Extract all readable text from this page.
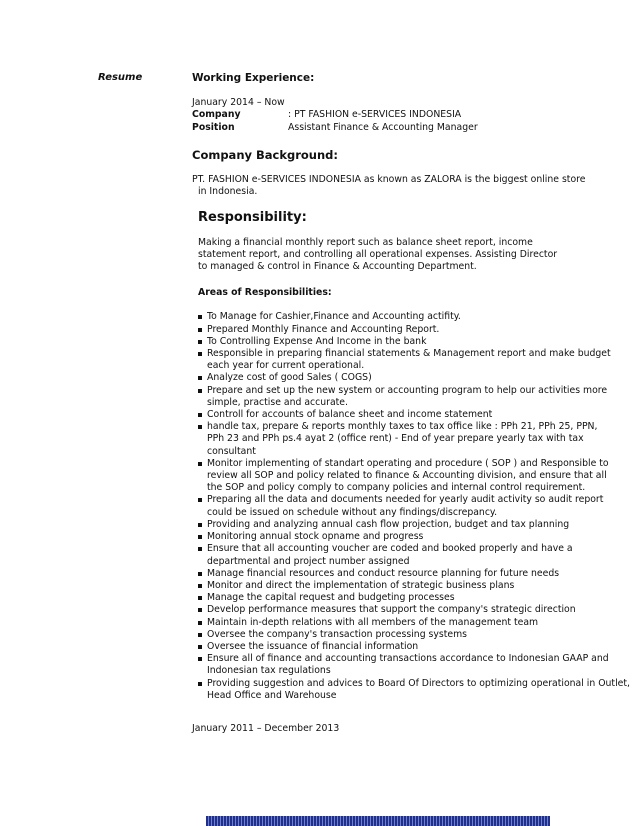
Resume	Working Experience:
January 2014 – Now
Company	: PT FASHION e-SERVICES INDONESIA
Position	Assistant Finance & Accounting Manager
Company Background:

PT. FASHION e-SERVICES INDONESIA as known as ZALORA is the biggest online store
in Indonesia.

Responsibility:
Making a financial monthly report such as balance sheet report, income
statement report, and controlling all operational expenses. Assisting Director
to managed & control in Finance & Accounting Department.
Areas of Responsibilities:
To Manage for Cashier,Finance and Accounting actifity.
Prepared Monthly Finance and Accounting Report.
To Controlling Expense And Income in the bank
Responsible in preparing financial statements & Management report and make budget
each year for current operational.
Analyze cost of good Sales ( COGS)
Prepare and set up the new system or accounting program to help our activities more
simple, practise and accurate.
Controll for accounts of balance sheet and income statement
handle tax, prepare & reports monthly taxes to tax office like : PPh 21, PPh 25, PPN,
PPh 23 and PPh ps.4 ayat 2 (office rent) - End of year prepare yearly tax with tax
consultant
Monitor implementing of standart operating and procedure ( SOP ) and Responsible to
review all SOP and policy related to finance & Accounting division, and ensure that all
the SOP and policy comply to company policies and internal control requirement.
Preparing all the data and documents needed for yearly audit activity so audit report
could be issued on schedule without any findings/discrepancy.
Providing and analyzing annual cash flow projection, budget and tax planning
Monitoring annual stock opname and progress
Ensure that all accounting voucher are coded and booked properly and have a
departmental and project number assigned
Manage financial resources and conduct resource planning for future needs
Monitor and direct the implementation of strategic business plans
Manage the capital request and budgeting processes
Develop performance measures that support the company's strategic direction
Maintain in-depth relations with all members of the management team
Oversee the company's transaction processing systems
Oversee the issuance of financial information
Ensure all of finance and accounting transactions accordance to Indonesian GAAP and
Indonesian tax regulations
Providing suggestion and advices to Board Of Directors to optimizing operational in Outlet,
Head Office and Warehouse
January 2011 – December 2013
